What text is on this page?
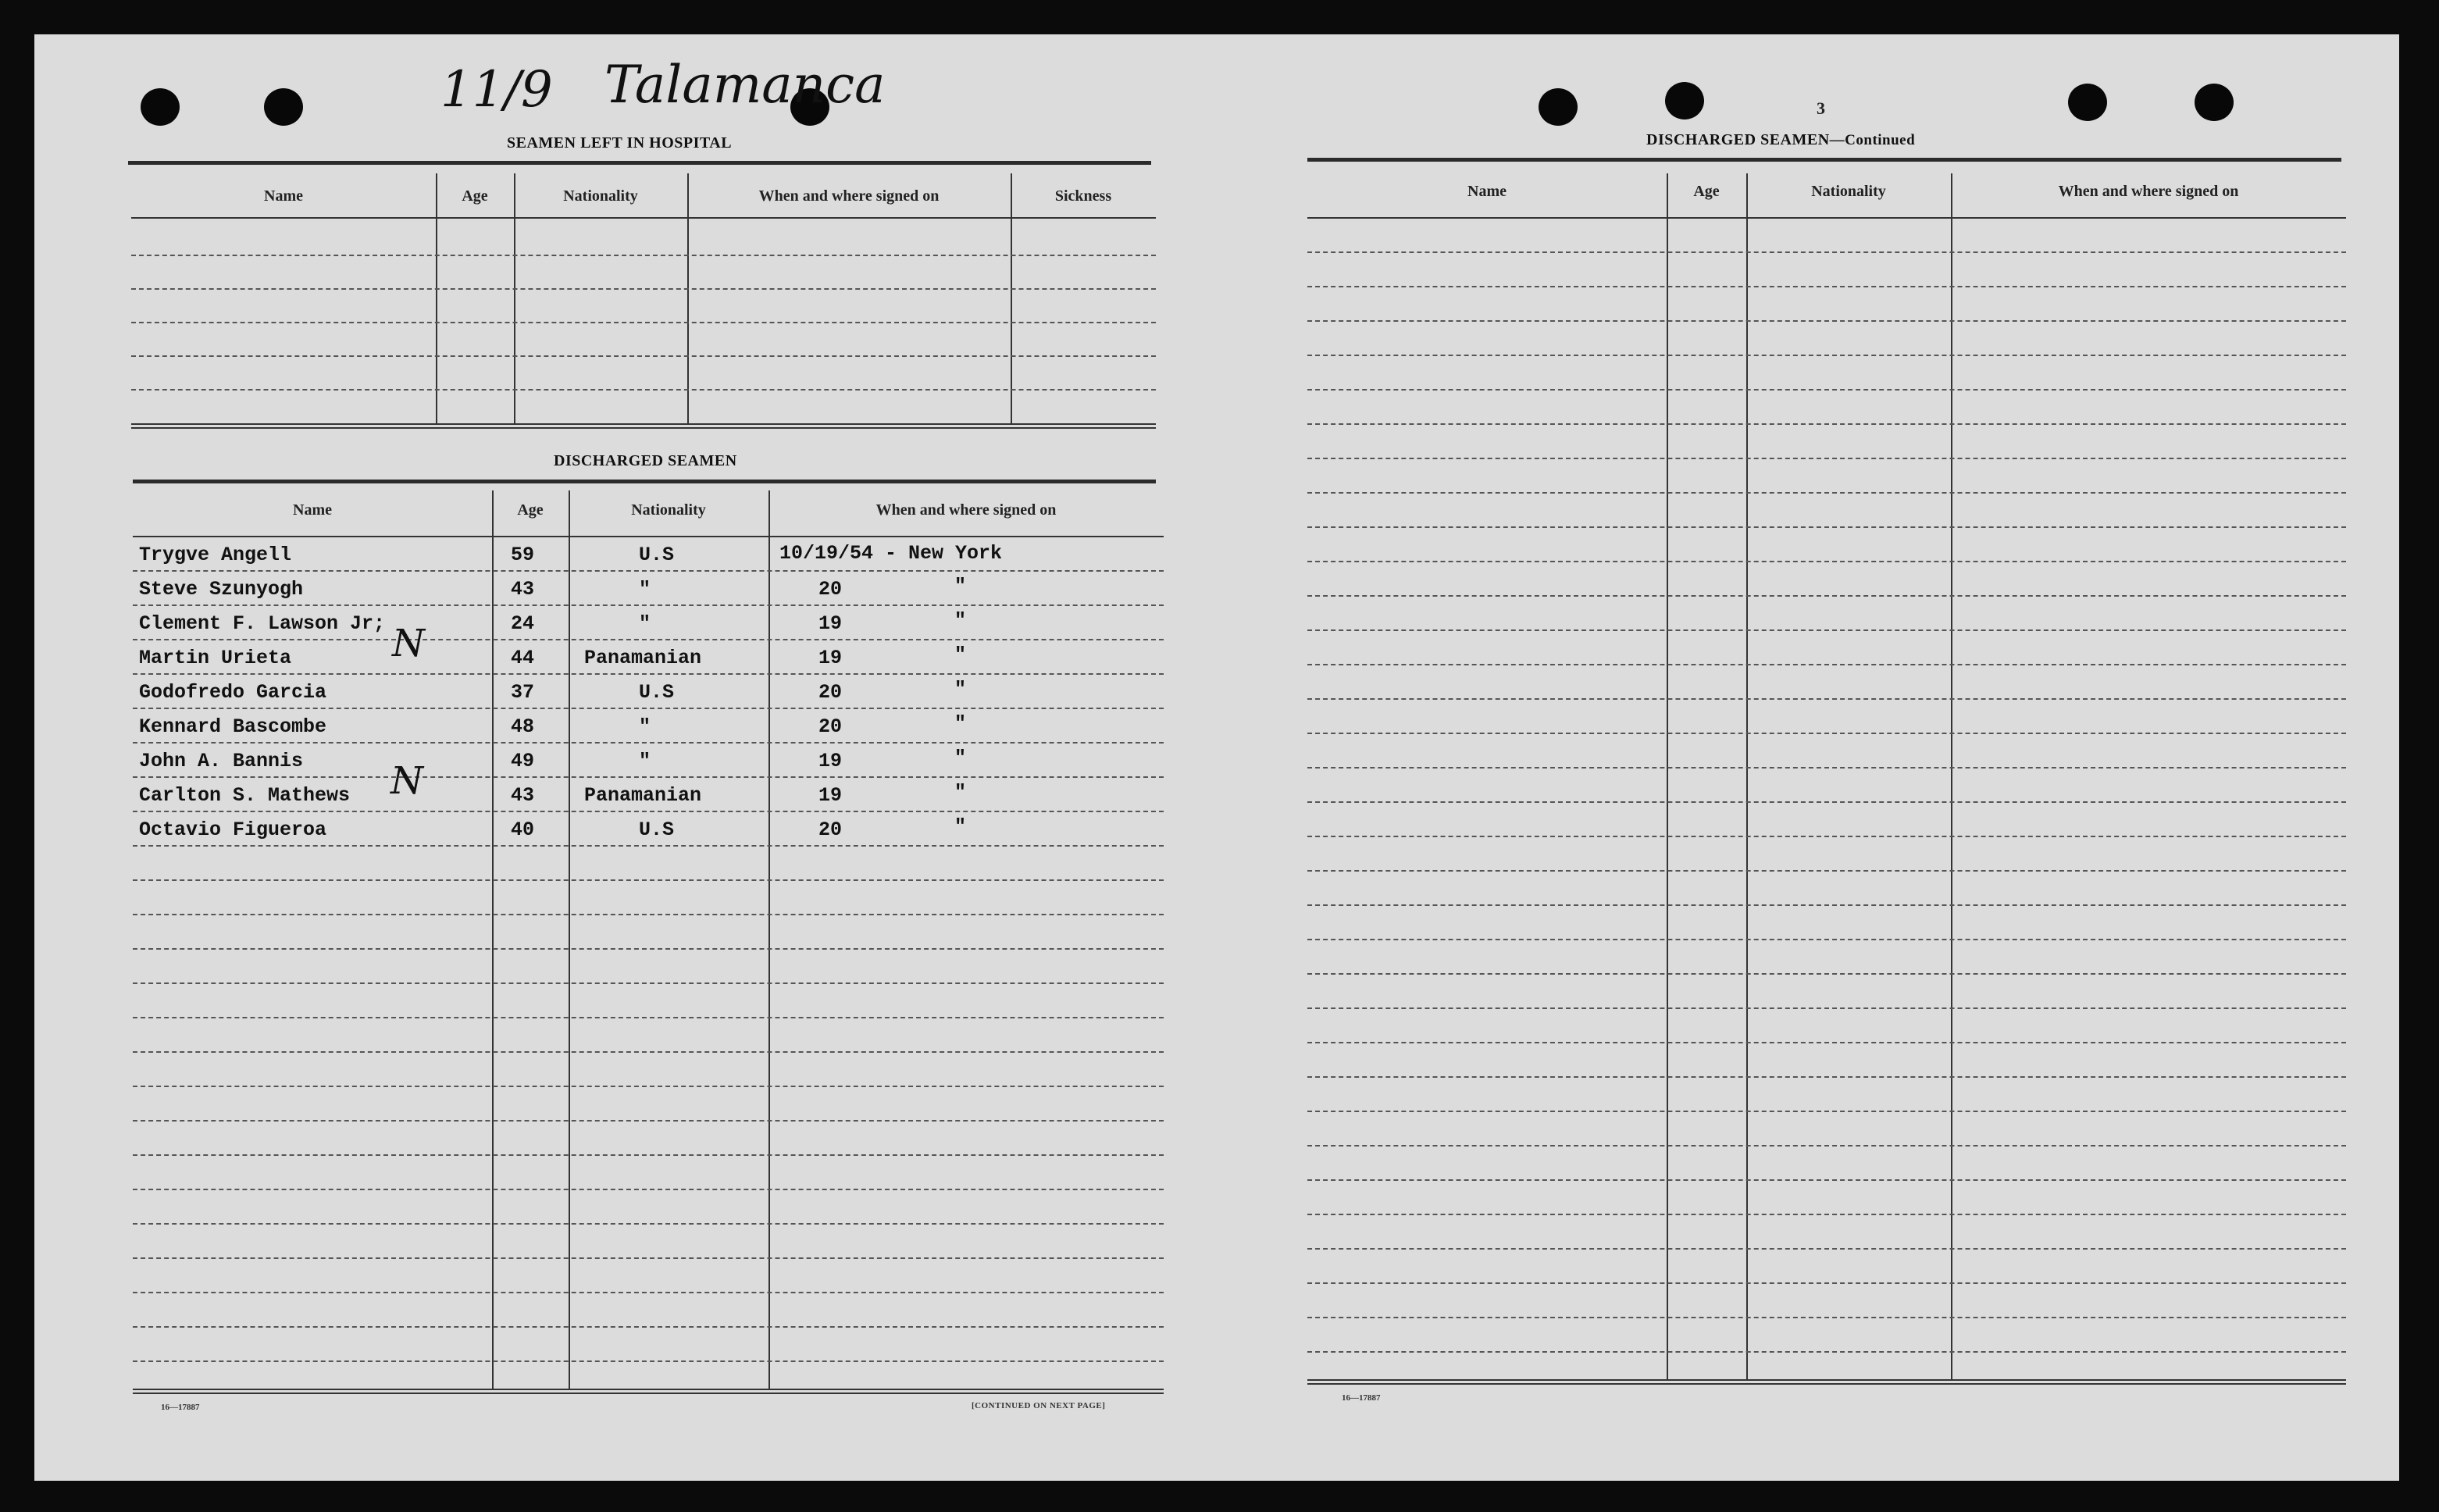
11/9 Talamanca
SEAMEN LEFT IN HOSPITAL
DISCHARGED SEAMEN
16—17887	[CONTINUED ON NEXT PAGE]
Name	Age	Nationality	When and where signed on	Sickness
Name	Age	Nationality	When and where signed on
Trygve Angell	59	U.S	10/19/54 - New York
Steve Szunyogh	43	"	20	"
Clement F. Lawson Jr;	24	"	19	"
Martin Urieta	44	Panamanian	19	"
N
Godofredo Garcia	37	U.S	20	"
Kennard Bascombe	48	"	20	"
John A. Bannis	49	"	19	"
Carlton S. Mathews	43	Panamanian	19	"
N
Octavio Figueroa	40	U.S	20	"
3
DISCHARGED SEAMEN—Continued
16—17887
Name	Age	Nationality	When and where signed on
